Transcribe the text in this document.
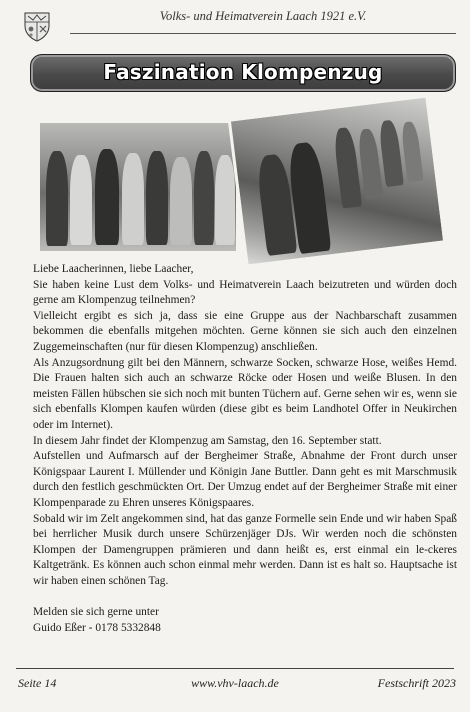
Volks- und Heimatverein Laach 1921 e.V.
Faszination Klompenzug

Liebe Laacherinnen, liebe Laacher,

Sie haben keine Lust dem Volks- und Heimatverein Laach beizutreten und würden doch gerne am Klompenzug teilnehmen?

Vielleicht ergibt es sich ja, dass sie eine Gruppe aus der Nachbarschaft zusammen bekommen die ebenfalls mitgehen möchten. Gerne können sie sich auch den einzelnen Zuggemeinschaften (nur für diesen Klompenzug) anschließen.

Als Anzugsordnung gilt bei den Männern, schwarze Socken, schwarze Hose, weißes Hemd. Die Frauen halten sich auch an schwarze Röcke oder Hosen und weiße Blusen. In den meisten Fällen hübschen sie sich noch mit bunten Tüchern auf. Gerne sehen wir es, wenn sie sich ebenfalls Klompen kaufen würden (diese gibt es beim Landhotel Offer in Neukirchen oder im Internet).

In diesem Jahr findet der Klompenzug am Samstag, den 16. September statt.

Aufstellen und Aufmarsch auf der Bergheimer Straße, Abnahme der Front durch unser Königspaar Laurent I. Müllender und Königin Jane Buttler. Dann geht es mit Marschmusik durch den festlich geschmückten Ort. Der Umzug endet auf der Bergheimer Straße mit einer Klompenparade zu Ehren unseres Königspaares.

Sobald wir im Zelt angekommen sind, hat das ganze Formelle sein Ende und wir haben Spaß bei herrlicher Musik durch unsere Schürzenjäger DJs. Wir werden noch die schönsten Klompen der Damengruppen prämieren und dann heißt es, erst einmal ein le-ckeres Kaltgetränk. Es können auch schon einmal mehr werden. Dann ist es halt so. Hauptsache ist wir haben einen schönen Tag.

Melden sie sich gerne unter

Guido Eßer - 0178 5332848

Seite 14	www.vhv-laach.de	Festschrift 2023
